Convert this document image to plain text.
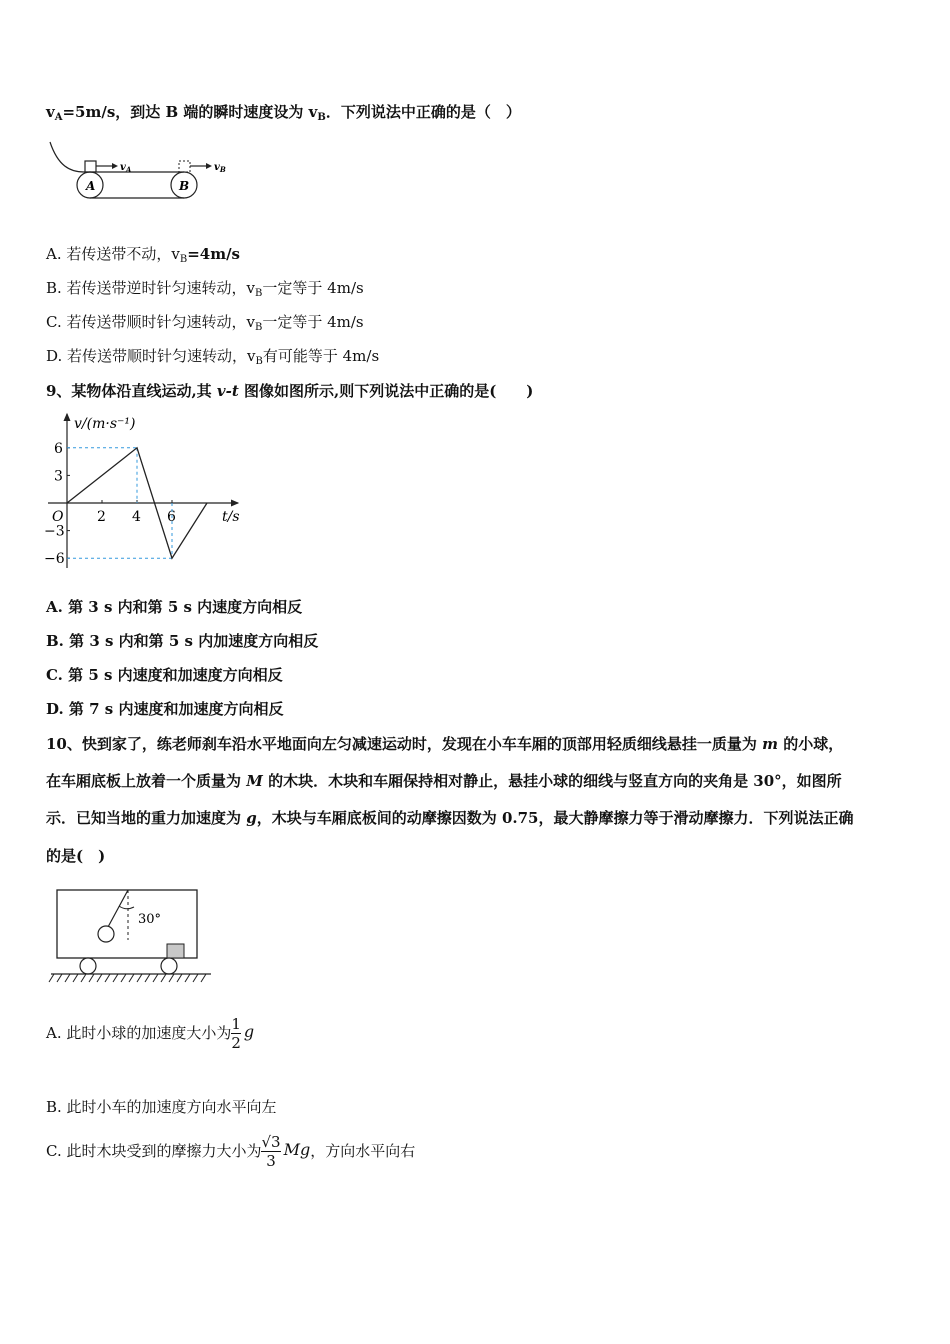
$v_A=5m/s$，到达 B 端的瞬时速度设为 $v_B$．下列说法中正确的是（　）
A	B
$v_A$	$v_B$
A. 若传送带不动，$v_B=4m/s$
B. 若传送带逆时针匀速转动，$v_B$一定等于 4m/s
C. 若传送带顺时针匀速转动，$v_B$一定等于 4m/s
D. 若传送带顺时针匀速转动，$v_B$有可能等于 4m/s
9、某物体沿直线运动,其 v-t 图像如图所示,则下列说法中正确的是(　　)
v/(m·s⁻¹)
t/s
O 2 4 6
6
3
−3
−6
A. 第 3 s 内和第 5 s 内速度方向相反
B. 第 3 s 内和第 5 s 内加速度方向相反
C. 第 5 s 内速度和加速度方向相反
D. 第 7 s 内速度和加速度方向相反
10、快到家了，练老师刹车沿水平地面向左匀减速运动时，发现在小车车厢的顶部用轻质细线悬挂一质量为 m 的小球，
在车厢底板上放着一个质量为 M 的木块．木块和车厢保持相对静止，悬挂小球的细线与竖直方向的夹角是 30°，如图所
示．已知当地的重力加速度为 g，木块与车厢底板间的动摩擦因数为 0.75，最大静摩擦力等于滑动摩擦力．下列说法正确
的是(　)
30°
A. 此时小球的加速度大小为 $\frac{1}{2}$ g
B. 此时小车的加速度方向水平向左
C. 此时木块受到的摩擦力大小为 $\frac{√3}{3}$ Mg，方向水平向右
